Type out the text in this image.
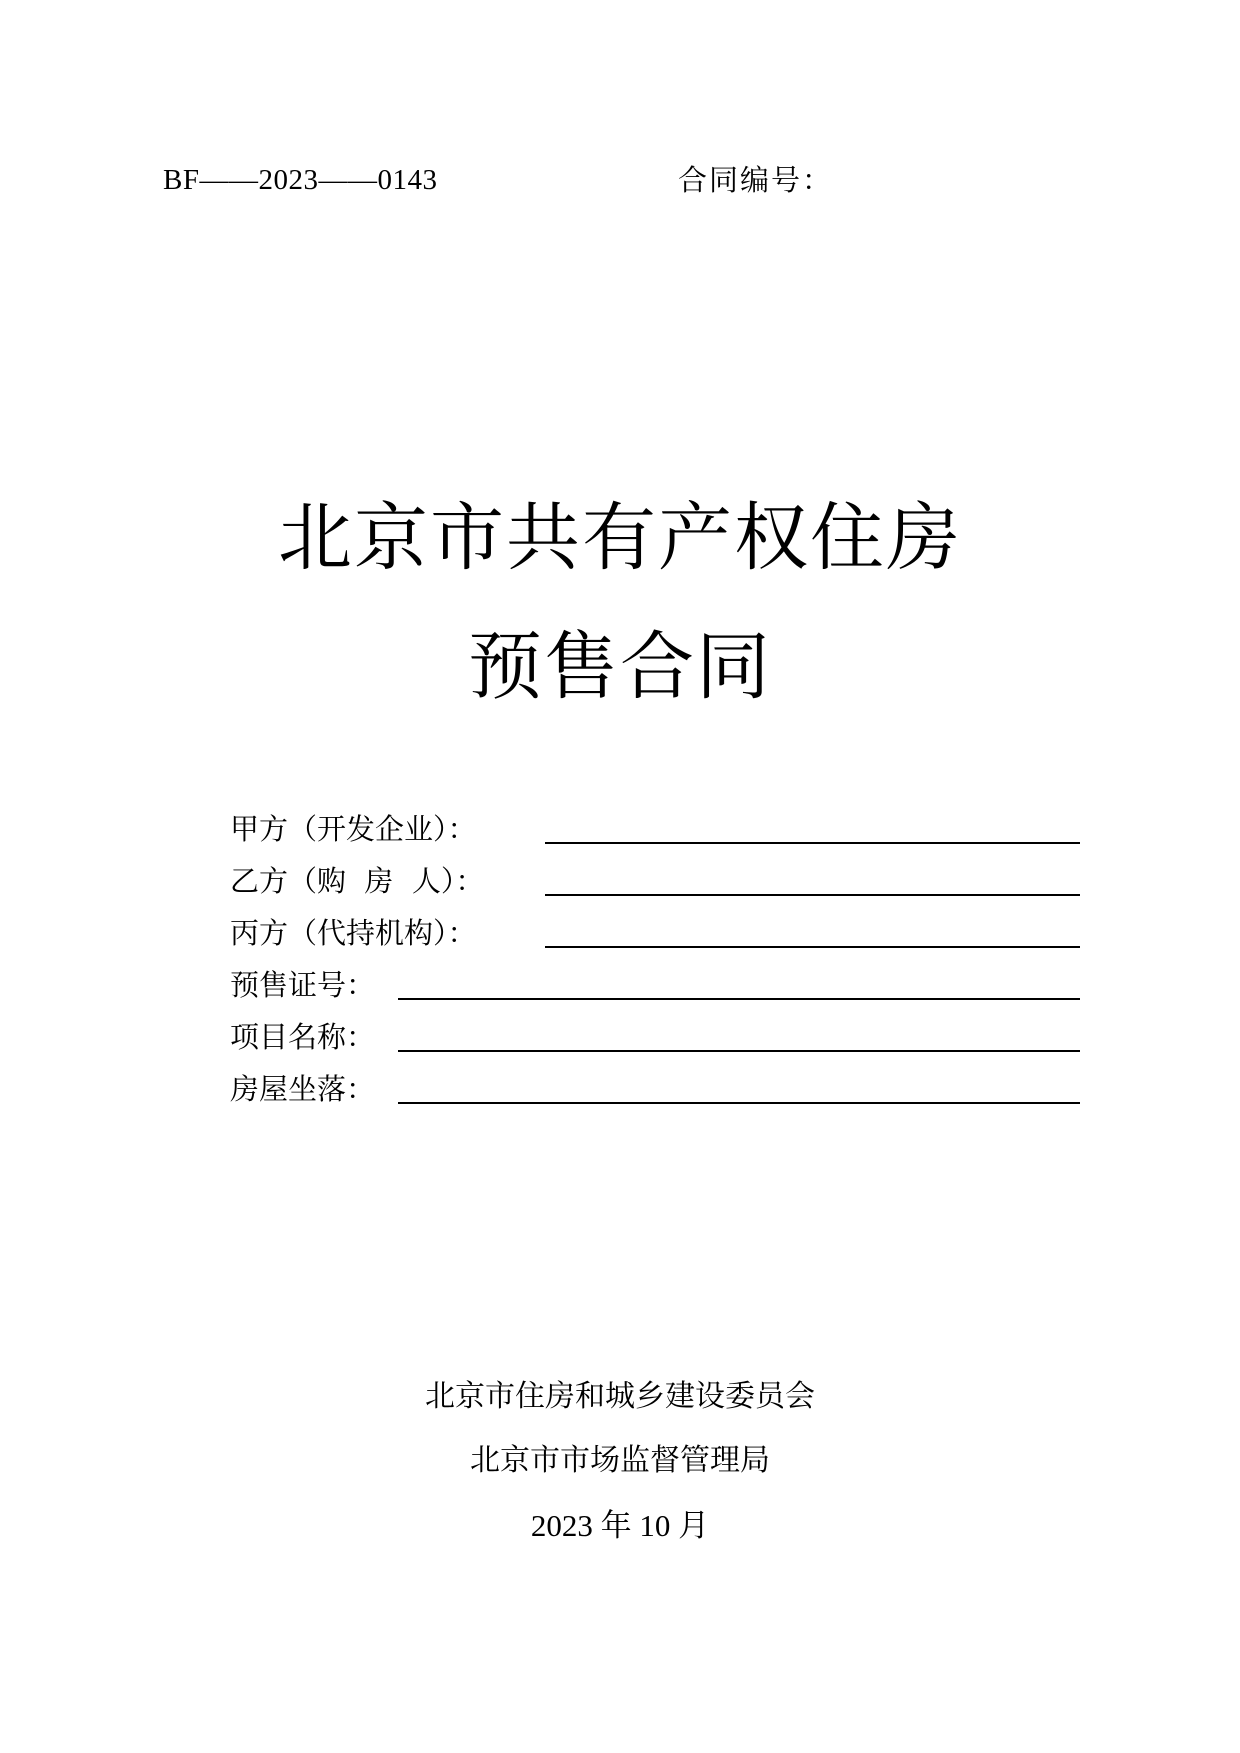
BF——2023——0143	合同编号：
北京市共有产权住房
预售合同
甲方（开发企业）：
乙方（购  房  人）：
丙方（代持机构）：
预售证号：
项目名称：
房屋坐落：
北京市住房和城乡建设委员会
北京市市场监督管理局
2023 年 10 月
